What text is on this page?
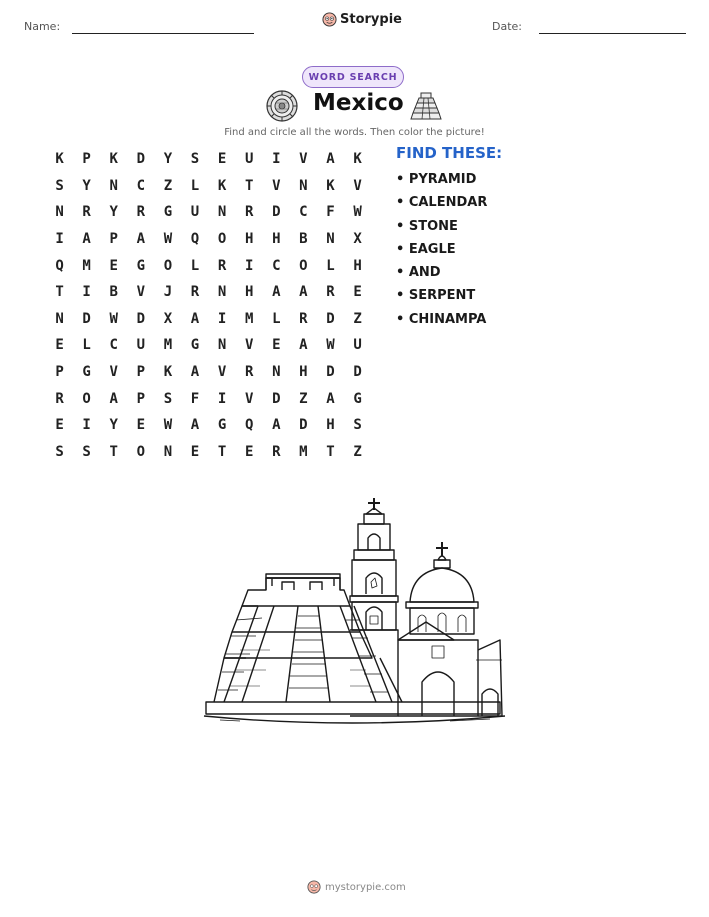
Name:	Storypie	Date:
WORD SEARCH
Mexico
Find and circle all the words. Then color the picture!
K	P	K	D	Y	S	E	U	I	V	A	K
S	Y	N	C	Z	L	K	T	V	N	K	V
N	R	Y	R	G	U	N	R	D	C	F	W
I	A	P	A	W	Q	O	H	H	B	N	X
Q	M	E	G	O	L	R	I	C	O	L	H
T	I	B	V	J	R	N	H	A	A	R	E
N	D	W	D	X	A	I	M	L	R	D	Z
E	L	C	U	M	G	N	V	E	A	W	U
P	G	V	P	K	A	V	R	N	H	D	D
R	O	A	P	S	F	I	V	D	Z	A	G
E	I	Y	E	W	A	G	Q	A	D	H	S
S	S	T	O	N	E	T	E	R	M	T	Z
FIND THESE:
• PYRAMID
• CALENDAR
• STONE
• EAGLE
• AND
• SERPENT
• CHINAMPA
mystorypie.com
